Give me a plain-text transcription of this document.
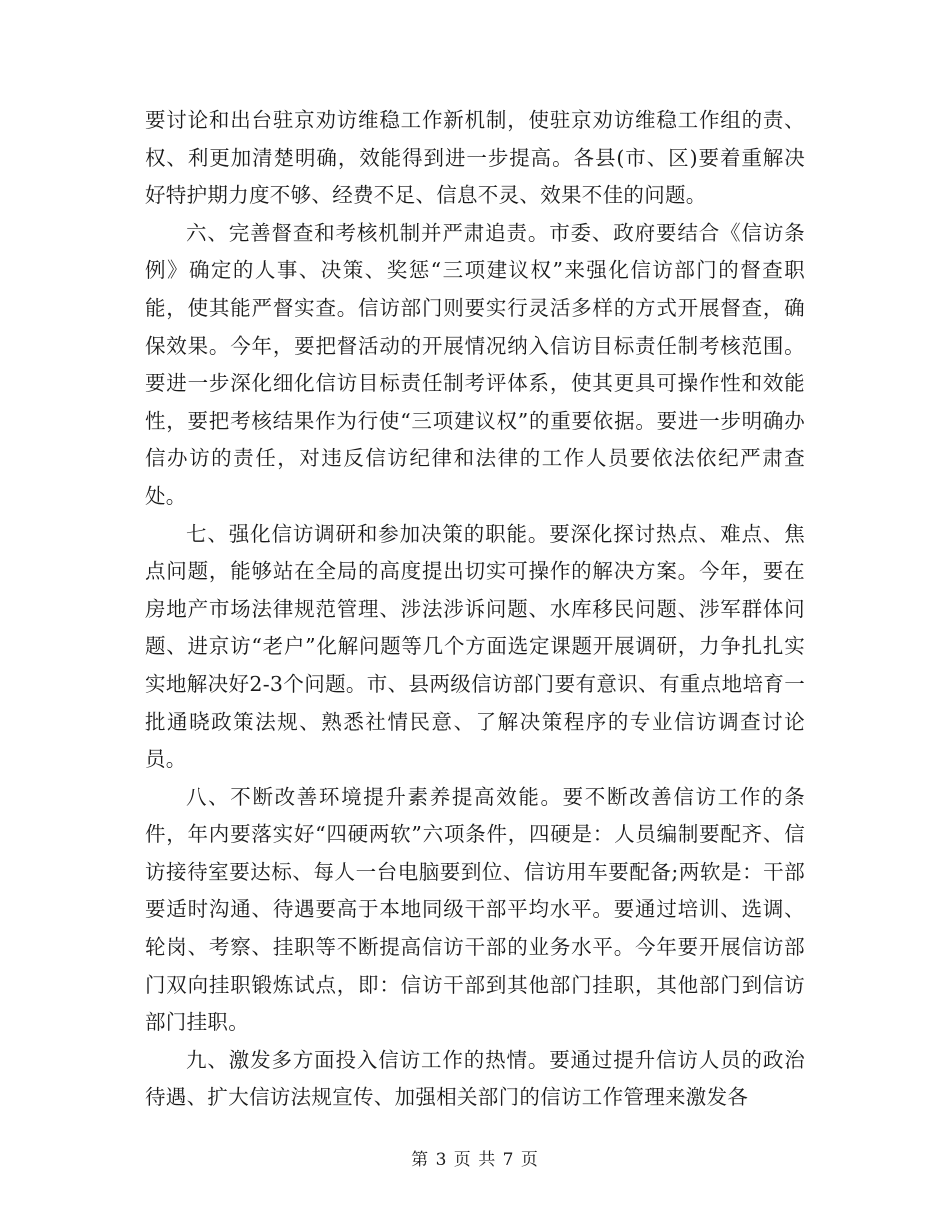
要讨论和出台驻京劝访维稳工作新机制，使驻京劝访维稳工作组的责、权、利更加清楚明确，效能得到进一步提高。各县(市、区)要着重解决好特护期力度不够、经费不足、信息不灵、效果不佳的问题。

六、完善督查和考核机制并严肃追责。市委、政府要结合《信访条例》确定的人事、决策、奖惩“三项建议权”来强化信访部门的督查职能，使其能严督实查。信访部门则要实行灵活多样的方式开展督查，确保效果。今年，要把督活动的开展情况纳入信访目标责任制考核范围。要进一步深化细化信访目标责任制考评体系，使其更具可操作性和效能性，要把考核结果作为行使“三项建议权”的重要依据。要进一步明确办信办访的责任，对违反信访纪律和法律的工作人员要依法依纪严肃查处。

七、强化信访调研和参加决策的职能。要深化探讨热点、难点、焦点问题，能够站在全局的高度提出切实可操作的解决方案。今年，要在房地产市场法律规范管理、涉法涉诉问题、水库移民问题、涉军群体问题、进京访“老户”化解问题等几个方面选定课题开展调研，力争扎扎实实地解决好2-3个问题。市、县两级信访部门要有意识、有重点地培育一批通晓政策法规、熟悉社情民意、了解决策程序的专业信访调查讨论员。

八、不断改善环境提升素养提高效能。要不断改善信访工作的条件，年内要落实好“四硬两软”六项条件，四硬是：人员编制要配齐、信访接待室要达标、每人一台电脑要到位、信访用车要配备;两软是：干部要适时沟通、待遇要高于本地同级干部平均水平。要通过培训、选调、轮岗、考察、挂职等不断提高信访干部的业务水平。今年要开展信访部门双向挂职锻炼试点，即：信访干部到其他部门挂职，其他部门到信访部门挂职。

九、激发多方面投入信访工作的热情。要通过提升信访人员的政治待遇、扩大信访法规宣传、加强相关部门的信访工作管理来激发各

第 3 页 共 7 页
